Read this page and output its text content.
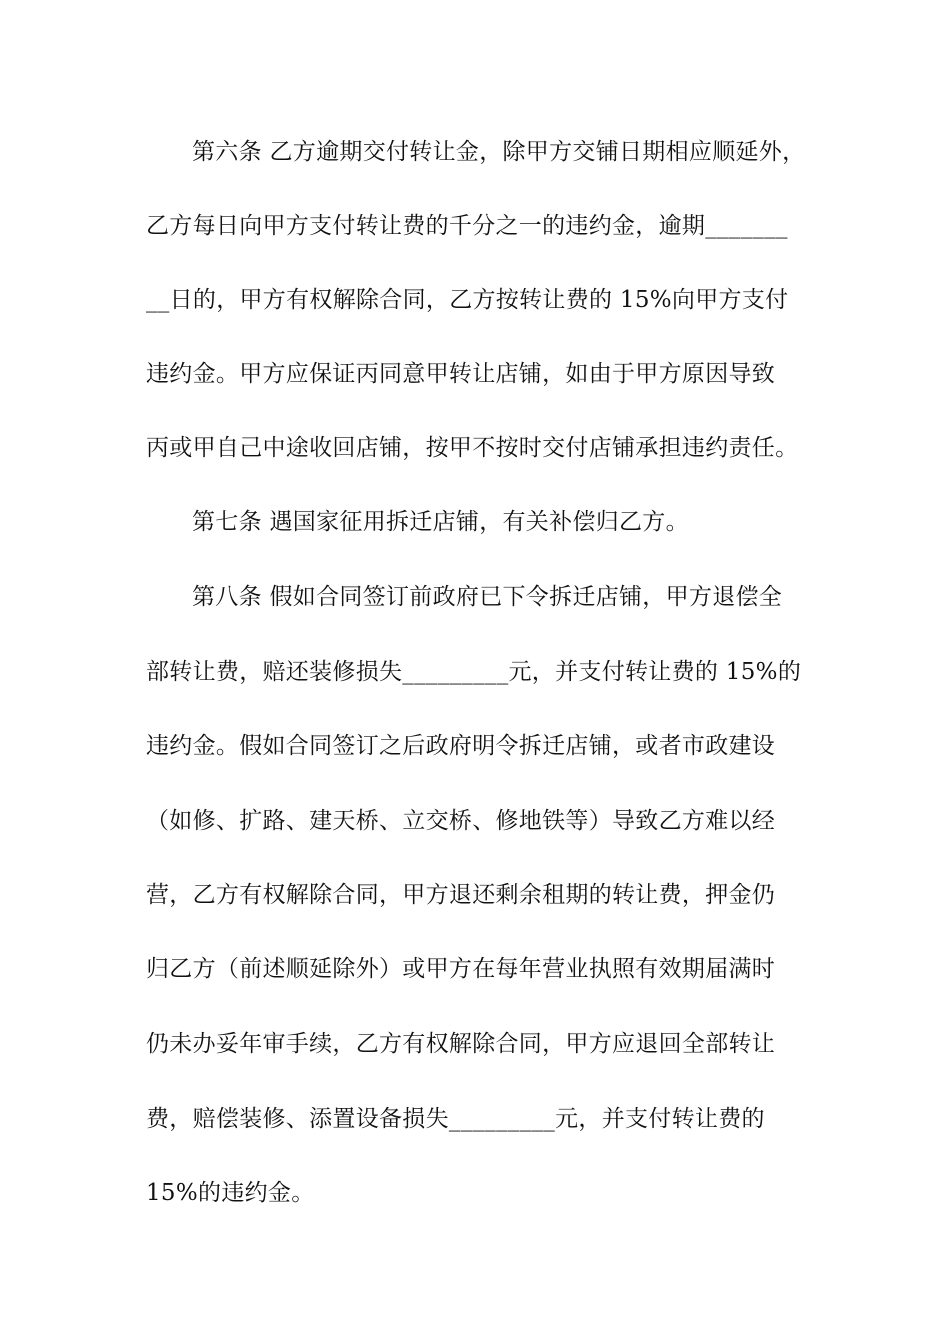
第六条 乙方逾期交付转让金，除甲方交铺日期相应顺延外，
乙方每日向甲方支付转让费的千分之一的违约金，逾期_______
__日的，甲方有权解除合同，乙方按转让费的 15%向甲方支付
违约金。甲方应保证丙同意甲转让店铺，如由于甲方原因导致
丙或甲自己中途收回店铺，按甲不按时交付店铺承担违约责任。
第七条 遇国家征用拆迁店铺，有关补偿归乙方。
第八条 假如合同签订前政府已下令拆迁店铺，甲方退偿全
部转让费，赔还装修损失_________元，并支付转让费的 15%的
违约金。假如合同签订之后政府明令拆迁店铺，或者市政建设
（如修、扩路、建天桥、立交桥、修地铁等）导致乙方难以经
营，乙方有权解除合同，甲方退还剩余租期的转让费，押金仍
归乙方（前述顺延除外）或甲方在每年营业执照有效期届满时
仍未办妥年审手续，乙方有权解除合同，甲方应退回全部转让
费，赔偿装修、添置设备损失_________元，并支付转让费的
15%的违约金。
